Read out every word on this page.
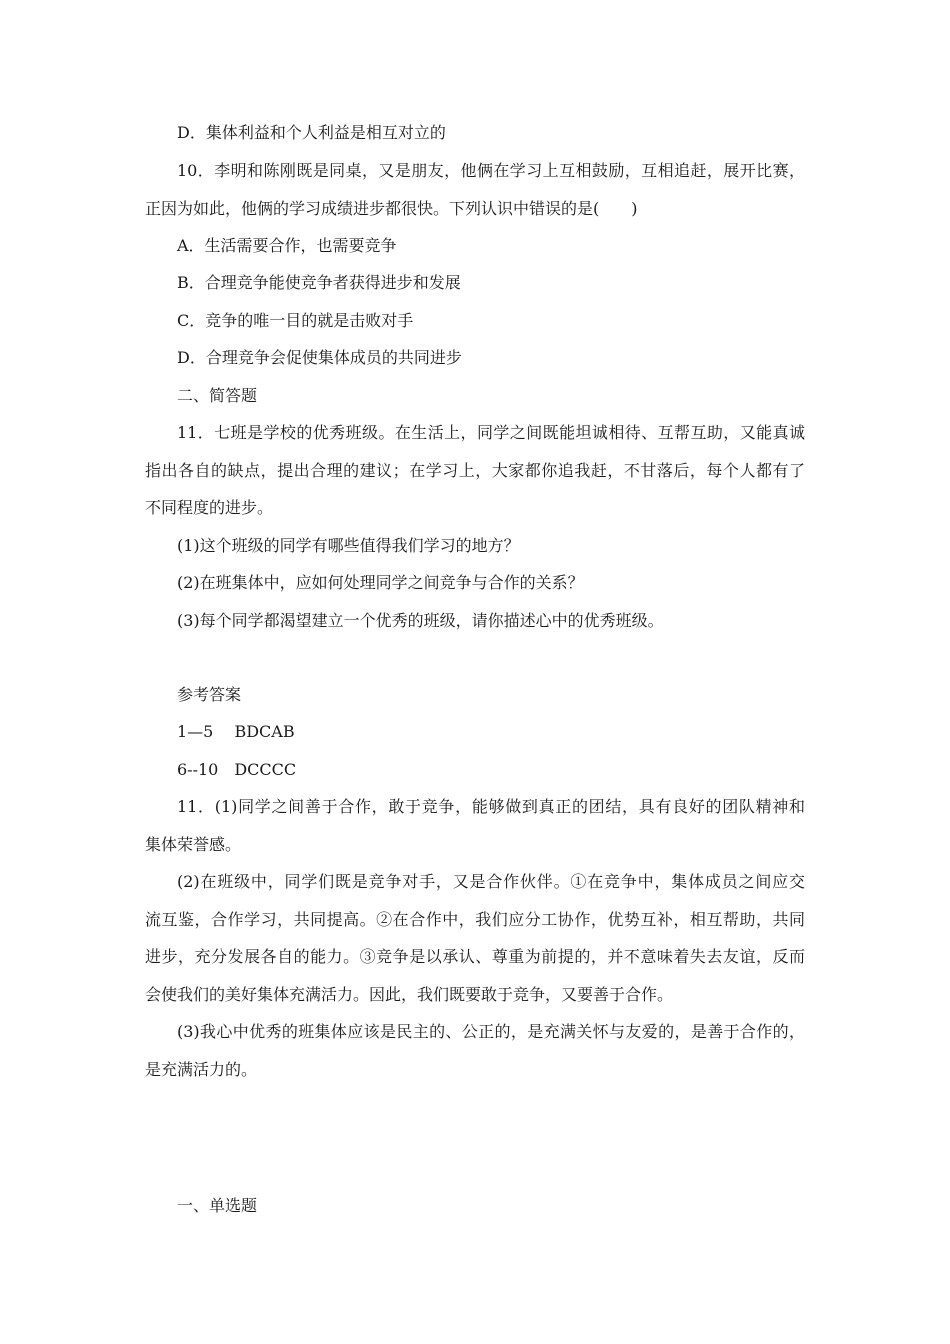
D．集体利益和个人利益是相互对立的

10．李明和陈刚既是同桌，又是朋友，他俩在学习上互相鼓励，互相追赶，展开比赛，

正因为如此，他俩的学习成绩进步都很快。下列认识中错误的是(　　)

A．生活需要合作，也需要竞争

B．合理竞争能使竞争者获得进步和发展

C．竞争的唯一目的就是击败对手

D．合理竞争会促使集体成员的共同进步

二、简答题

11．七班是学校的优秀班级。在生活上，同学之间既能坦诚相待、互帮互助，又能真诚

指出各自的缺点，提出合理的建议；在学习上，大家都你追我赶，不甘落后，每个人都有了

不同程度的进步。

(1)这个班级的同学有哪些值得我们学习的地方？

(2)在班集体中，应如何处理同学之间竞争与合作的关系？

(3)每个同学都渴望建立一个优秀的班级，请你描述心中的优秀班级。

参考答案

1—5　 BDCAB

6--10　DCCCC

11．(1)同学之间善于合作，敢于竞争，能够做到真正的团结，具有良好的团队精神和

集体荣誉感。

(2)在班级中，同学们既是竞争对手，又是合作伙伴。①在竞争中，集体成员之间应交

流互鉴，合作学习，共同提高。②在合作中，我们应分工协作，优势互补，相互帮助，共同

进步，充分发展各自的能力。③竞争是以承认、尊重为前提的，并不意味着失去友谊，反而

会使我们的美好集体充满活力。因此，我们既要敢于竞争，又要善于合作。

(3)我心中优秀的班集体应该是民主的、公正的，是充满关怀与友爱的，是善于合作的，

是充满活力的。

一、单选题
